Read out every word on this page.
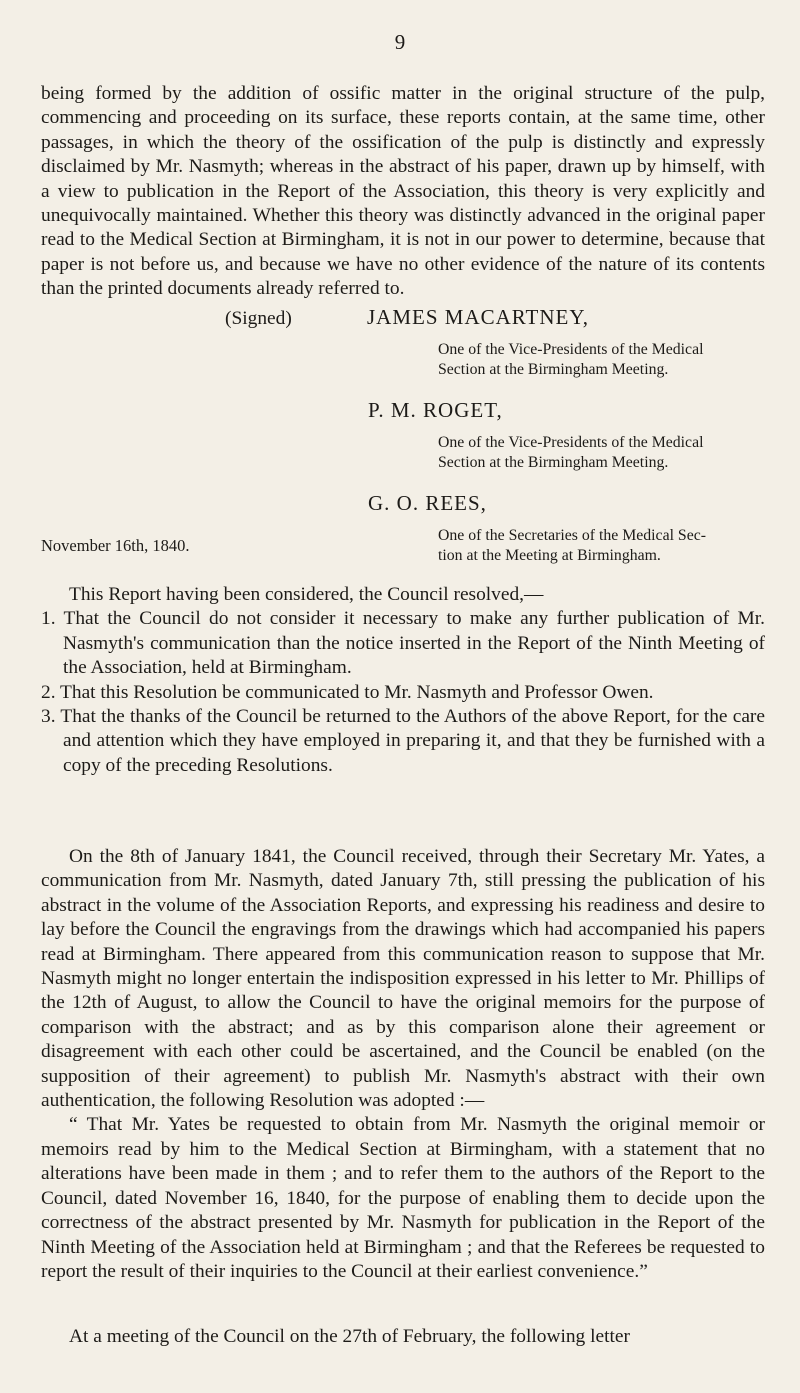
9

being formed by the addition of ossific matter in the original structure of the pulp, commencing and proceeding on its surface, these reports contain, at the same time, other passages, in which the theory of the ossification of the pulp is distinctly and expressly disclaimed by Mr. Nasmyth; whereas in the abstract of his paper, drawn up by himself, with a view to publication in the Report of the Association, this theory is very explicitly and unequivocally maintained. Whether this theory was distinctly advanced in the original paper read to the Medical Section at Birmingham, it is not in our power to determine, because that paper is not before us, and because we have no other evidence of the nature of its contents than the printed documents already referred to.

(Signed)	JAMES MACARTNEY,
One of the Vice-Presidents of the Medical
Section at the Birmingham Meeting.
P. M. ROGET,
One of the Vice-Presidents of the Medical
Section at the Birmingham Meeting.
G. O. REES,
One of the Secretaries of the Medical Sec-
tion at the Meeting at Birmingham.
November 16th, 1840.

This Report having been considered, the Council resolved,—

1. That the Council do not consider it necessary to make any further publication of Mr. Nasmyth's communication than the notice inserted in the Report of the Ninth Meeting of the Association, held at Birmingham.

2. That this Resolution be communicated to Mr. Nasmyth and Professor Owen.

3. That the thanks of the Council be returned to the Authors of the above Report, for the care and attention which they have employed in preparing it, and that they be furnished with a copy of the preceding Resolutions.

On the 8th of January 1841, the Council received, through their Secretary Mr. Yates, a communication from Mr. Nasmyth, dated January 7th, still pressing the publication of his abstract in the volume of the Association Reports, and expressing his readiness and desire to lay before the Council the engravings from the drawings which had accompanied his papers read at Birmingham. There appeared from this communication reason to suppose that Mr. Nasmyth might no longer entertain the indisposition expressed in his letter to Mr. Phillips of the 12th of August, to allow the Council to have the original memoirs for the purpose of comparison with the abstract; and as by this comparison alone their agreement or disagreement with each other could be ascertained, and the Council be enabled (on the supposition of their agreement) to publish Mr. Nasmyth's abstract with their own authentication, the following Resolution was adopted :—

“ That Mr. Yates be requested to obtain from Mr. Nasmyth the original memoir or memoirs read by him to the Medical Section at Birmingham, with a statement that no alterations have been made in them ; and to refer them to the authors of the Report to the Council, dated November 16, 1840, for the purpose of enabling them to decide upon the correctness of the abstract presented by Mr. Nasmyth for publication in the Report of the Ninth Meeting of the Association held at Birmingham ; and that the Referees be requested to report the result of their inquiries to the Council at their earliest convenience.”

At a meeting of the Council on the 27th of February, the following letter
